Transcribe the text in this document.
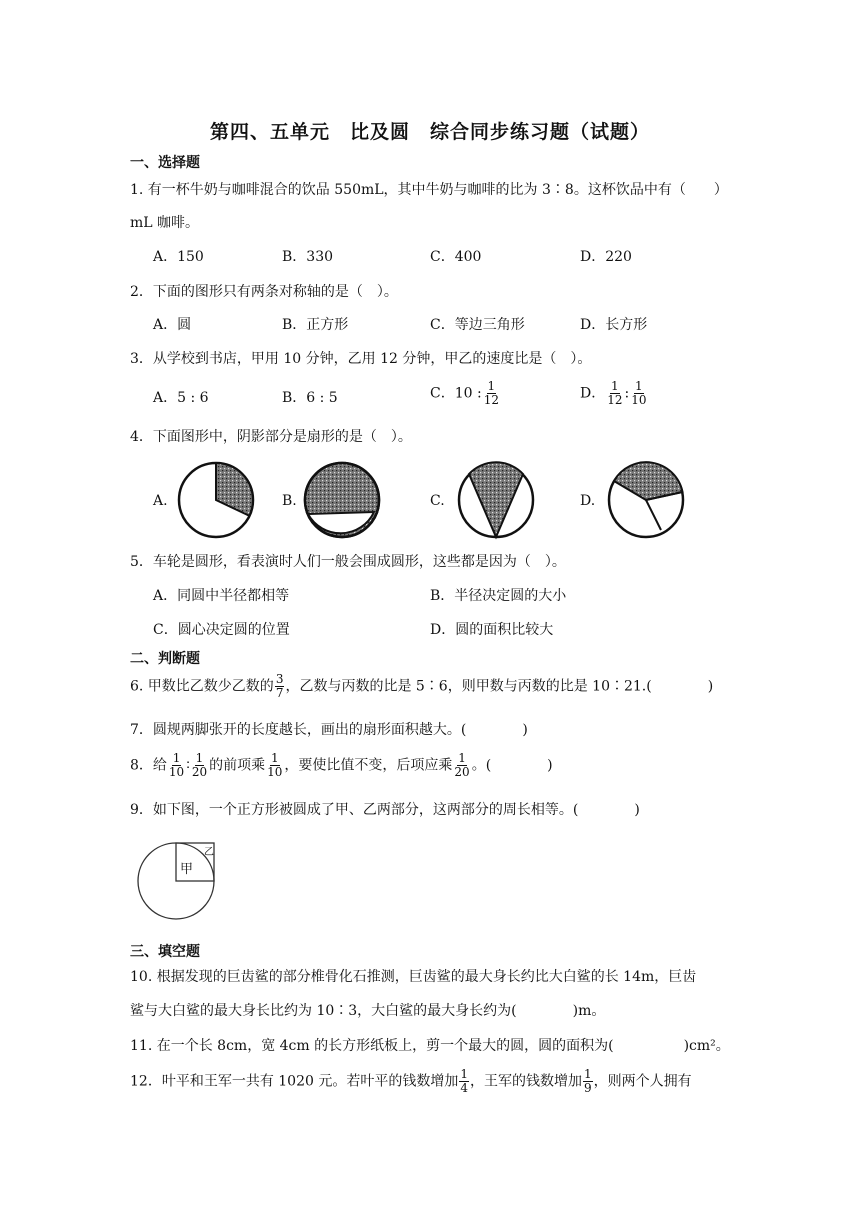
第四、五单元　比及圆　综合同步练习题（试题）
一、选择题
1. 有一杯牛奶与咖啡混合的饮品 550mL，其中牛奶与咖啡的比为 3∶8。这杯饮品中有（　　）
mL 咖啡。
A．150	B．330	C．400	D．220
2．下面的图形只有两条对称轴的是（　）。
A．圆	B．正方形	C．等边三角形	D．长方形
3．从学校到书店，甲用 10 分钟，乙用 12 分钟，甲乙的速度比是（　）。
A．5 : 6	B．6 : 5	C．10 : $\frac{1}{12}$	D． $\frac{1}{12}$ : $\frac{1}{10}$
4．下面图形中，阴影部分是扇形的是（　）。
A.	B.	C.	D.
5．车轮是圆形，看表演时人们一般会围成圆形，这些都是因为（　）。
A．同圆中半径都相等	B．半径决定圆的大小
C．圆心决定圆的位置	D．圆的面积比较大
二、判断题
6. 甲数比乙数少乙数的 $\frac{3}{7}$ ，乙数与丙数的比是 5∶6，则甲数与丙数的比是 10∶21.(　　　　)
7．圆规两脚张开的长度越长，画出的扇形面积越大。(　　　　)
8．给 $\frac{1}{10}$ ∶ $\frac{1}{20}$ 的前项乘 $\frac{1}{10}$ ，要使比值不变，后项应乘 $\frac{1}{20}$ 。(　　　　)
9．如下图，一个正方形被圆成了甲、乙两部分，这两部分的周长相等。(　　　　)
甲
乙
三、填空题
10. 根据发现的巨齿鲨的部分椎骨化石推测，巨齿鲨的最大身长约比大白鲨的长 14m，巨齿
鲨与大白鲨的最大身长比约为 10∶3，大白鲨的最大身长约为(　　　　)m。
11. 在一个长 8cm，宽 4cm 的长方形纸板上，剪一个最大的圆，圆的面积为(　　　　　)cm²。
12．叶平和王军一共有 1020 元。若叶平的钱数增加 $\frac{1}{4}$ ，王军的钱数增加 $\frac{1}{9}$ ，则两个人拥有
